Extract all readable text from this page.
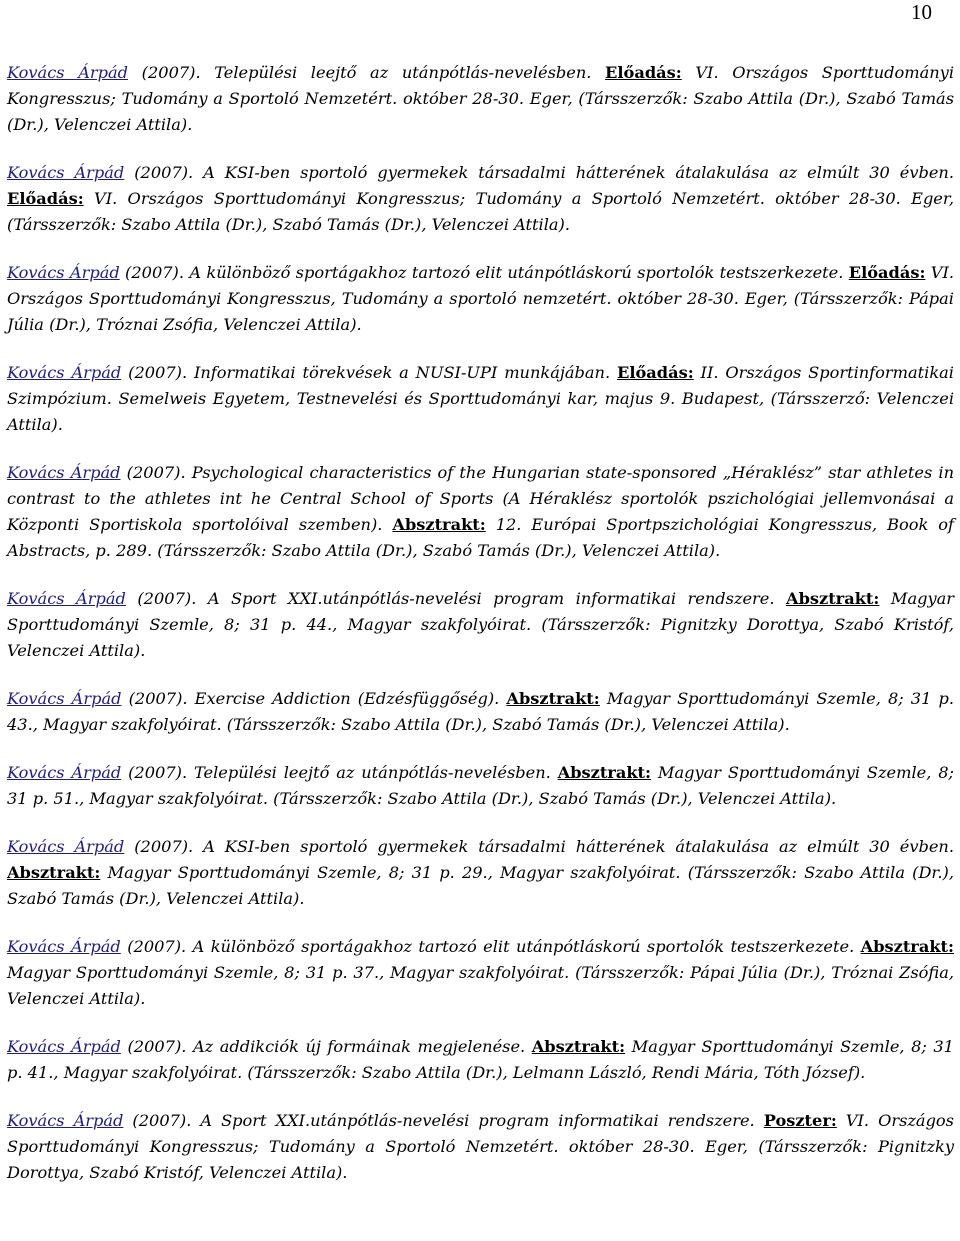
10

Kovács Árpád (2007). Települési leejtő az utánpótlás-nevelésben. Előadás: VI. Országos Sporttudományi Kongresszus; Tudomány a Sportoló Nemzetért. október 28-30. Eger, (Társszerzők: Szabo Attila (Dr.), Szabó Tamás (Dr.), Velenczei Attila).

Kovács Árpád (2007). A KSI-ben sportoló gyermekek társadalmi hátterének átalakulása az elmúlt 30 évben. Előadás: VI. Országos Sporttudományi Kongresszus; Tudomány a Sportoló Nemzetért. október 28-30. Eger, (Társszerzők: Szabo Attila (Dr.), Szabó Tamás (Dr.), Velenczei Attila).

Kovács Árpád (2007). A különböző sportágakhoz tartozó elit utánpótláskorú sportolók testszerkezete. Előadás: VI. Országos Sporttudományi Kongresszus, Tudomány a sportoló nemzetért. október 28-30. Eger, (Társszerzők: Pápai Júlia (Dr.), Tróznai Zsófia, Velenczei Attila).

Kovács Árpád (2007). Informatikai törekvések a NUSI-UPI munkájában. Előadás: II. Országos Sportinformatikai Szimpózium. Semelweis Egyetem, Testnevelési és Sporttudományi kar, majus 9. Budapest, (Társszerző: Velenczei Attila).

Kovács Árpád (2007). Psychological characteristics of the Hungarian state-sponsored „Héraklész” star athletes in contrast to the athletes int he Central School of Sports (A Héraklész sportolók pszichológiai jellemvonásai a Központi Sportiskola sportolóival szemben). Absztrakt: 12. Európai Sportpszichológiai Kongresszus, Book of Abstracts, p. 289. (Társszerzők: Szabo Attila (Dr.), Szabó Tamás (Dr.), Velenczei Attila).

Kovács Árpád (2007). A Sport XXI.utánpótlás-nevelési program informatikai rendszere. Absztrakt: Magyar Sporttudományi Szemle, 8; 31 p. 44., Magyar szakfolyóirat. (Társszerzők: Pignitzky Dorottya, Szabó Kristóf, Velenczei Attila).

Kovács Árpád (2007). Exercise Addiction (Edzésfüggőség). Absztrakt: Magyar Sporttudományi Szemle, 8; 31 p. 43., Magyar szakfolyóirat. (Társszerzők: Szabo Attila (Dr.), Szabó Tamás (Dr.), Velenczei Attila).

Kovács Árpád (2007). Települési leejtő az utánpótlás-nevelésben. Absztrakt: Magyar Sporttudományi Szemle, 8; 31 p. 51., Magyar szakfolyóirat. (Társszerzők: Szabo Attila (Dr.), Szabó Tamás (Dr.), Velenczei Attila).

Kovács Árpád (2007). A KSI-ben sportoló gyermekek társadalmi hátterének átalakulása az elmúlt 30 évben. Absztrakt: Magyar Sporttudományi Szemle, 8; 31 p. 29., Magyar szakfolyóirat. (Társszerzők: Szabo Attila (Dr.), Szabó Tamás (Dr.), Velenczei Attila).

Kovács Árpád (2007). A különböző sportágakhoz tartozó elit utánpótláskorú sportolók testszerkezete. Absztrakt: Magyar Sporttudományi Szemle, 8; 31 p. 37., Magyar szakfolyóirat. (Társszerzők: Pápai Júlia (Dr.), Tróznai Zsófia, Velenczei Attila).

Kovács Árpád (2007). Az addikciók új formáinak megjelenése. Absztrakt: Magyar Sporttudományi Szemle, 8; 31 p. 41., Magyar szakfolyóirat. (Társszerzők: Szabo Attila (Dr.), Lelmann László, Rendi Mária, Tóth József).

Kovács Árpád (2007). A Sport XXI.utánpótlás-nevelési program informatikai rendszere. Poszter: VI. Országos Sporttudományi Kongresszus; Tudomány a Sportoló Nemzetért. október 28-30. Eger, (Társszerzők: Pignitzky Dorottya, Szabó Kristóf, Velenczei Attila).
